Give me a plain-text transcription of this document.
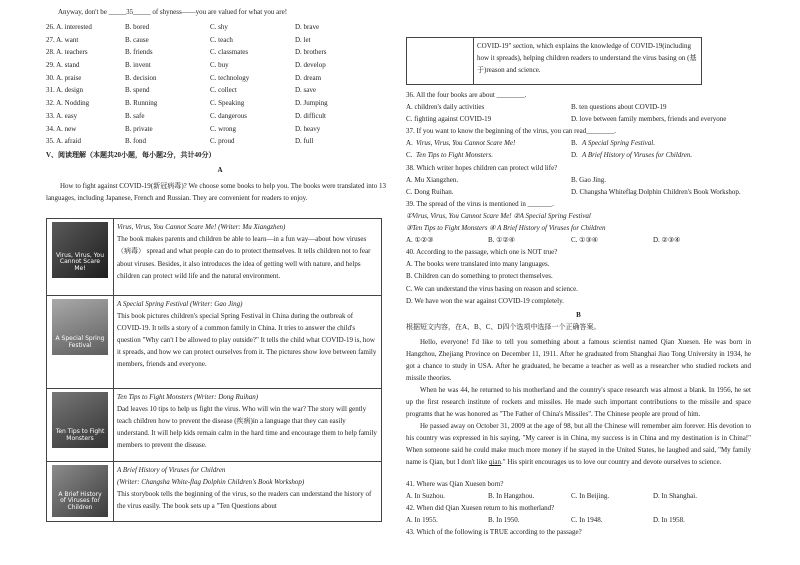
Anyway, don't be _____35_____ of shyness——you are valued for what you are!
26. A. interested	B. bored	C. shy	D. brave
27. A. want	B. cause	C. teach	D. let
28. A. teachers	B. friends	C. classmates	D. brothers
29. A. stand	B. invent	C. buy	D. develop
30. A. praise	B. decision	C. technology	D. dream
31. A. design	B. spend	C. collect	D. save
32. A. Nodding	B. Running	C. Speaking	D. Jumping
33. A. easy	B. safe	C. dangerous	D. difficult
34. A. new	B. private	C. wrong	D. heavy
35. A. afraid	B. fond	C. proud	D. full
V、阅读理解（本题共20小题，每小题2分，共计40分）
A
How to fight against COVID-19(新冠病毒)? We choose some books to help you. The books were translated into 13 languages, including Japanese, French and Russian. They are convenient for readers to enjoy.
Virus, Virus, You Cannot Scare Me!	Virus, Virus, You Cannot Scare Me! (Writer: Mu Xiangzhen)
The book makes parents and children be able to learn—in a fun way—about how viruses（病毒） spread and what people can do to protect themselves. It tells children not to fear about viruses. Besides, it also introduces the idea of getting well with nature, and helps children can protect wild life and the natural environment.

A Special Spring Festival	A Special Spring Festival (Writer: Gao Jing)
This book pictures children's special Spring Festival in China during the outbreak of COVID-19. It tells a story of a common family in China. It tries to answer the child's question "Why can't I be allowed to play outside?" It tells the child what COVID-19 is, how it spreads, and how we can protect ourselves from it. The pictures show love between family members, friends and everyone.

Ten Tips to Fight Monsters	Ten Tips to Fight Monsters (Writer: Dong Ruihan)
Dad leaves 10 tips to help us fight the virus. Who will win the war? The story will gently teach children how to prevent the disease (疾病)in a language that they can easily understand. It will help kids remain calm in the hard time and encourage them to help family members to prevent the disease.

A Brief History of Viruses for Children	A Brief History of Viruses for Children
(Writer: Changsha White-flag Dolphin Children's Book Workshop)
This storybook tells the beginning of the virus, so the readers can understand the history of the virus easily. The book sets up a "Ten Questions about

COVID-19" section, which explains the knowledge of COVID-19(including how it spreads), helping children readers to understand the virus basing on (基于)reason and science.
36. All the four books are about ________.
A. children's daily activities	B. ten questions about COVID-19
C. fighting against COVID-19	D. love between family members, friends and everyone
37. If you want to know the beginning of the virus, you can read________.
A. Virus, Virus, You Cannot Scare Me!	B. A Special Spring Festival.
C. Ten Tips to Fight Monsters.	D. A Brief History of Viruses for Children.
38. Which writer hopes children can protect wild life?
A. Mu Xiangzhen.	B. Gao Jing.
C. Dong Ruihan.	D. Changsha Whiteflag Dolphin Children's Book Workshop.
39. The spread of the virus is mentioned in _______.
①Virus, Virus, You Cannot Scare Me! ②A Special Spring Festival
③Ten Tips to Fight Monsters ④ A Brief History of Viruses for Children
A. ①②③	B. ①②④	C. ①③④	D. ②③④
40. According to the passage, which one is NOT true?
A. The books were translated into many languages.
B. Children can do something to protect themselves.
C. We can understand the virus basing on reason and science.
D. We have won the war against COVID-19 completely.
B
根据短文内容，在A、B、C、D四个选项中选择一个正确答案。
Hello, everyone! I'd like to tell you something about a famous scientist named Qian Xuesen. He was born in Hangzhou, Zhejiang Province on December 11, 1911. After he graduated from Shanghai Jiao Tong University in 1934, he got a chance to study in USA. After he graduated, he became a teacher as well as a researcher who studied rockets and missile theories.
When he was 44, he returned to his motherland and the country's space research was almost a blank. In 1956, he set up the first research institute of rockets and missiles. He made such important contributions to the missile and space programs that he was honored as "The Father of China's Missiles". The Chinese people are proud of him.
He passed away on October 31, 2009 at the age of 98, but all the Chinese will remember aim forever. His devotion to his country was expressed in his saying, "My career is in China, my success is in China and my destination is in China!" When someone said he could make much more money if he stayed in the United States, he laughed and said, "My family name is Qian, but I don't like qian." His spirit encourages us to love our country and devote ourselves to science.
41. Where was Qian Xuesen born?
A. In Suzhou.	B. In Hangzhou.	C. In Beijing.	D. In Shanghai.
42. When did Qian Xuesen return to his motherland?
A. In 1955.	B. In 1950.	C. In 1948.	D. In 1958.
43. Which of the following is TRUE according to the passage?
